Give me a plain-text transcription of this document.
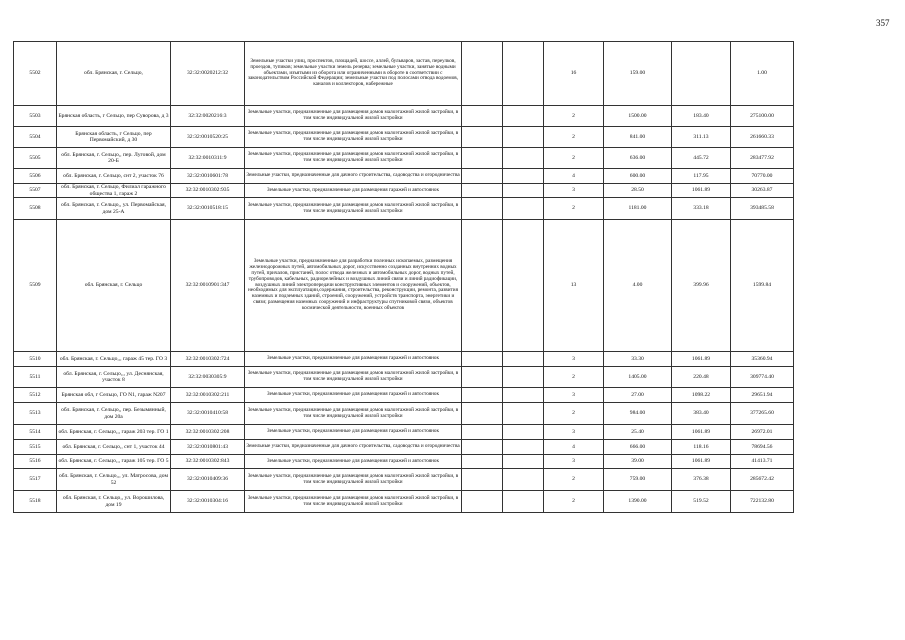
357
5502	обл. Брянская, г. Сельцо,	32:32:0020212:32	Земельные участки улиц, проспектов, площадей, шоссе, аллей, бульваров, застав, переулков, проездов, тупиков; земельные участки земель резерва; земельные участки, занятые водными объектами, изъятыми из оборота или ограниченными в обороте в соответствии с законодательством Российской Федерации; земельные участки под полосами отвода водоемов, каналов и коллекторов, набережные			16	159.00		1.00
5503	Брянская область, г Сельцо, пер Суворова, д 3	32:32:0020216:3	Земельные участки, предназначенные для размещения домов малоэтажной жилой застройки, в том числе индивидуальной жилой застройки			2	1500.00	183.40	275100.00
5504	Брянская область, г Сельцо, пер Первомайский, д 30	32:32:0010520:25	Земельные участки, предназначенные для размещения домов малоэтажной жилой застройки, в том числе индивидуальной жилой застройки			2	841.00	311.13	261660.33
5505	обл. Брянская, г. Сельцо,, пер. Луговой, дом 20-Б	32:32:0010311:9	Земельные участки, предназначенные для размещения домов малоэтажной жилой застройки, в том числе индивидуальной жилой застройки			2	636.00	445.72	283477.92
5506	обл. Брянская, г. Сельцо, снт 2, участок 76	32:32:0010601:78	Земельные участки, предназначенные для дачного строительства, садоводства и огородничества			4	600.00	117.95	70770.00
5507	обл. Брянская, г. Сельцо, Филиал гаражного общества 1, гараж 2	32:32:0010302:935	Земельные участки, предназначенные для размещения гаражей и автостоянок			3	28.50	1061.89	30263.87
5508	обл. Брянская, г. Сельцо,, ул. Первомайская, дом 25-А	32:32:0010518:15	Земельные участки, предназначенные для размещения домов малоэтажной жилой застройки, в том числе индивидуальной жилой застройки			2	1181.00	333.18	393485.58
5509	обл. Брянская, г. Сельцо	32:32:0010901:347	Земельные участки, предназначенные для разработки полезных ископаемых, размещения железнодорожных путей, автомобильных дорог, искусственно созданных внутренних водных путей, причалов, пристаней, полос отвода железных и автомобильных дорог, водных путей, трубопроводов, кабельных, радиорелейных и воздушных линий связи и линий радиофикации, воздушных линий электропередачи конструктивных элементов и сооружений, объектов, необходимых для эксплуатации,содержания, строительства, реконструкции, ремонта, развития наземных и подземных зданий, строений, сооружений, устройств транспорта, энергетики и связи; размещения наземных сооружений и инфраструктуры спутниковой связи, объектов космической деятельности, военных объектов			13	4.00	399.96	1599.84
5510	обл. Брянская, г. Сельцо,,, гараж 45 тер. ГО 3	32:32:0010302:724	Земельные участки, предназначенные для размещения гаражей и автостоянок			3	33.30	1061.89	35360.94
5511	обл. Брянская, г. Сельцо,,, ул. Деснянская, участок 8	32:32:0030305:9	Земельные участки, предназначенные для размещения домов малоэтажной жилой застройки, в том числе индивидуальной жилой застройки			2	1405.00	220.48	309774.40
5512	Брянская обл, г Сельцо, ГО N1, гараж N207	32:32:0010302:211	Земельные участки, предназначенные для размещения гаражей и автостоянок			3	27.00	1098.22	29651.94
5513	обл. Брянская, г. Сельцо,, пер. Безымянный, дом 20а	32:32:0010410:58	Земельные участки, предназначенные для размещения домов малоэтажной жилой застройки, в том числе индивидуальной жилой застройки			2	984.00	383.40	377265.60
5514	обл. Брянская, г. Сельцо,,, гараж 203 тер. ГО 1	32:32:0010302:208	Земельные участки, предназначенные для размещения гаражей и автостоянок			3	25.40	1061.89	26972.01
5515	обл. Брянская, г. Сельцо,, снт 1, участок 44	32:32:0010801:43	Земельные участки, предназначенные для дачного строительства, садоводства и огородничества			4	666.00	118.16	78694.56
5516	обл. Брянская, г. Сельцо,,, гараж 105 тер. ГО 5	32:32:0010302:843	Земельные участки, предназначенные для размещения гаражей и автостоянок			3	39.00	1061.89	41413.71
5517	обл. Брянская, г. Сельцо,,, ул. Матросова, дом 52	32:32:0010409:36	Земельные участки, предназначенные для размещения домов малоэтажной жилой застройки, в том числе индивидуальной жилой застройки			2	759.00	376.38	285672.42
5518	обл. Брянская, г. Сельцо,, ул. Ворошилова, дом 19	32:32:0010304:16	Земельные участки, предназначенные для размещения домов малоэтажной жилой застройки, в том числе индивидуальной жилой застройки			2	1390.00	519.52	722132.80
